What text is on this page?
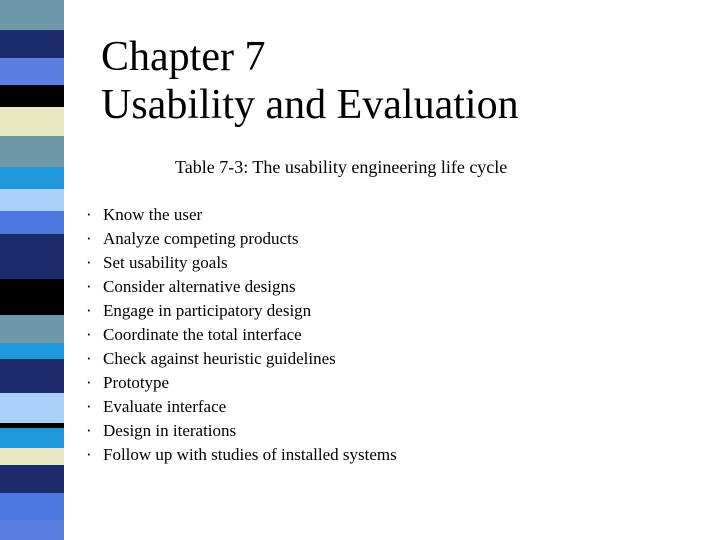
Chapter 7
Usability and Evaluation

Table 7-3: The usability engineering life cycle

· Know the user
· Analyze competing products
· Set usability goals
· Consider alternative designs
· Engage in participatory design
· Coordinate the total interface
· Check against heuristic guidelines
· Prototype
· Evaluate interface
· Design in iterations
· Follow up with studies of installed systems
